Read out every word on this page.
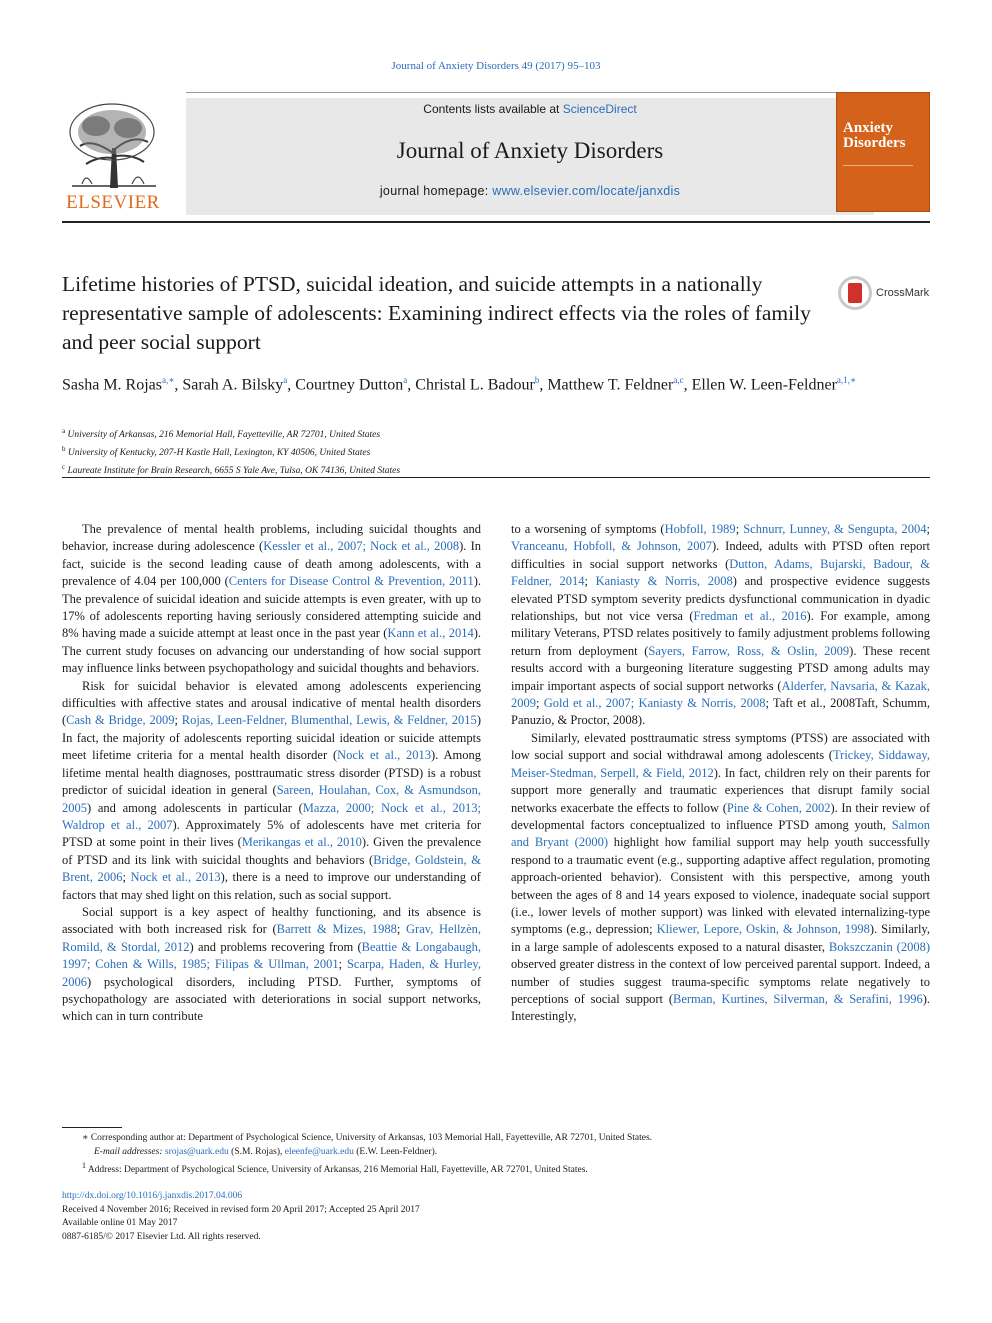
Journal of Anxiety Disorders 49 (2017) 95–103
ELSEVIER
Contents lists available at ScienceDirect
Journal of Anxiety Disorders
journal homepage: www.elsevier.com/locate/janxdis
Anxiety Disorders
Lifetime histories of PTSD, suicidal ideation, and suicide attempts in a nationally representative sample of adolescents: Examining indirect effects via the roles of family and peer social support
CrossMark
Sasha M. Rojas$^{a,∗}$, Sarah A. Bilsky$^a$, Courtney Dutton$^a$, Christal L. Badour$^b$, Matthew T. Feldner$^{a,c}$, Ellen W. Leen-Feldner$^{a,1,∗}$
$^a$ University of Arkansas, 216 Memorial Hall, Fayetteville, AR 72701, United States
$^b$ University of Kentucky, 207-H Kastle Hall, Lexington, KY 40506, United States
$^c$ Laureate Institute for Brain Research, 6655 S Yale Ave, Tulsa, OK 74136, United States

The prevalence of mental health problems, including suicidal thoughts and behavior, increase during adolescence (Kessler et al., 2007; Nock et al., 2008). In fact, suicide is the second leading cause of death among adolescents, with a prevalence of 4.04 per 100,000 (Centers for Disease Control & Prevention, 2011). The prevalence of suicidal ideation and suicide attempts is even greater, with up to 17% of adolescents reporting having seriously considered attempting suicide and 8% having made a suicide attempt at least once in the past year (Kann et al., 2014). The current study focuses on advancing our understanding of how social support may influence links between psychopathology and suicidal thoughts and behaviors.

Risk for suicidal behavior is elevated among adolescents experiencing difficulties with affective states and arousal indicative of mental health disorders (Cash & Bridge, 2009; Rojas, Leen-Feldner, Blumenthal, Lewis, & Feldner, 2015) In fact, the majority of adolescents reporting suicidal ideation or suicide attempts meet lifetime criteria for a mental health disorder (Nock et al., 2013). Among lifetime mental health diagnoses, posttraumatic stress disorder (PTSD) is a robust predictor of suicidal ideation in general (Sareen, Houlahan, Cox, & Asmundson, 2005) and among adolescents in particular (Mazza, 2000; Nock et al., 2013; Waldrop et al., 2007). Approximately 5% of adolescents have met criteria for PTSD at some point in their lives (Merikangas et al., 2010). Given the prevalence of PTSD and its link with suicidal thoughts and behaviors (Bridge, Goldstein, & Brent, 2006; Nock et al., 2013), there is a need to improve our understanding of factors that may shed light on this relation, such as social support.

Social support is a key aspect of healthy functioning, and its absence is associated with both increased risk for (Barrett & Mizes, 1988; Grav, Hellzèn, Romild, & Stordal, 2012) and problems recovering from (Beattie & Longabaugh, 1997; Cohen & Wills, 1985; Filipas & Ullman, 2001; Scarpa, Haden, & Hurley, 2006) psychological disorders, including PTSD. Further, symptoms of psychopathology are associated with deteriorations in social support networks, which can in turn contribute

to a worsening of symptoms (Hobfoll, 1989; Schnurr, Lunney, & Sengupta, 2004; Vranceanu, Hobfoll, & Johnson, 2007). Indeed, adults with PTSD often report difficulties in social support networks (Dutton, Adams, Bujarski, Badour, & Feldner, 2014; Kaniasty & Norris, 2008) and prospective evidence suggests elevated PTSD symptom severity predicts dysfunctional communication in dyadic relationships, but not vice versa (Fredman et al., 2016). For example, among military Veterans, PTSD relates positively to family adjustment problems following return from deployment (Sayers, Farrow, Ross, & Oslin, 2009). These recent results accord with a burgeoning literature suggesting PTSD among adults may impair important aspects of social support networks (Alderfer, Navsaria, & Kazak, 2009; Gold et al., 2007; Kaniasty & Norris, 2008; Taft et al., 2008Taft, Schumm, Panuzio, & Proctor, 2008).

Similarly, elevated posttraumatic stress symptoms (PTSS) are associated with low social support and social withdrawal among adolescents (Trickey, Siddaway, Meiser-Stedman, Serpell, & Field, 2012). In fact, children rely on their parents for support more generally and traumatic experiences that disrupt family social networks exacerbate the effects to follow (Pine & Cohen, 2002). In their review of developmental factors conceptualized to influence PTSD among youth, Salmon and Bryant (2000) highlight how familial support may help youth successfully respond to a traumatic event (e.g., supporting adaptive affect regulation, promoting approach-oriented behavior). Consistent with this perspective, among youth between the ages of 8 and 14 years exposed to violence, inadequate social support (i.e., lower levels of mother support) was linked with elevated internalizing-type symptoms (e.g., depression; Kliewer, Lepore, Oskin, & Johnson, 1998). Similarly, in a large sample of adolescents exposed to a natural disaster, Bokszczanin (2008) observed greater distress in the context of low perceived parental support. Indeed, a number of studies suggest trauma-specific symptoms relate negatively to perceptions of social support (Berman, Kurtines, Silverman, & Serafini, 1996). Interestingly,

∗ Corresponding author at: Department of Psychological Science, University of Arkansas, 103 Memorial Hall, Fayetteville, AR 72701, United States.
E-mail addresses: srojas@uark.edu (S.M. Rojas), eleenfe@uark.edu (E.W. Leen-Feldner).
$^1$ Address: Department of Psychological Science, University of Arkansas, 216 Memorial Hall, Fayetteville, AR 72701, United States.
http://dx.doi.org/10.1016/j.janxdis.2017.04.006
Received 4 November 2016; Received in revised form 20 April 2017; Accepted 25 April 2017
Available online 01 May 2017
0887-6185/© 2017 Elsevier Ltd. All rights reserved.
